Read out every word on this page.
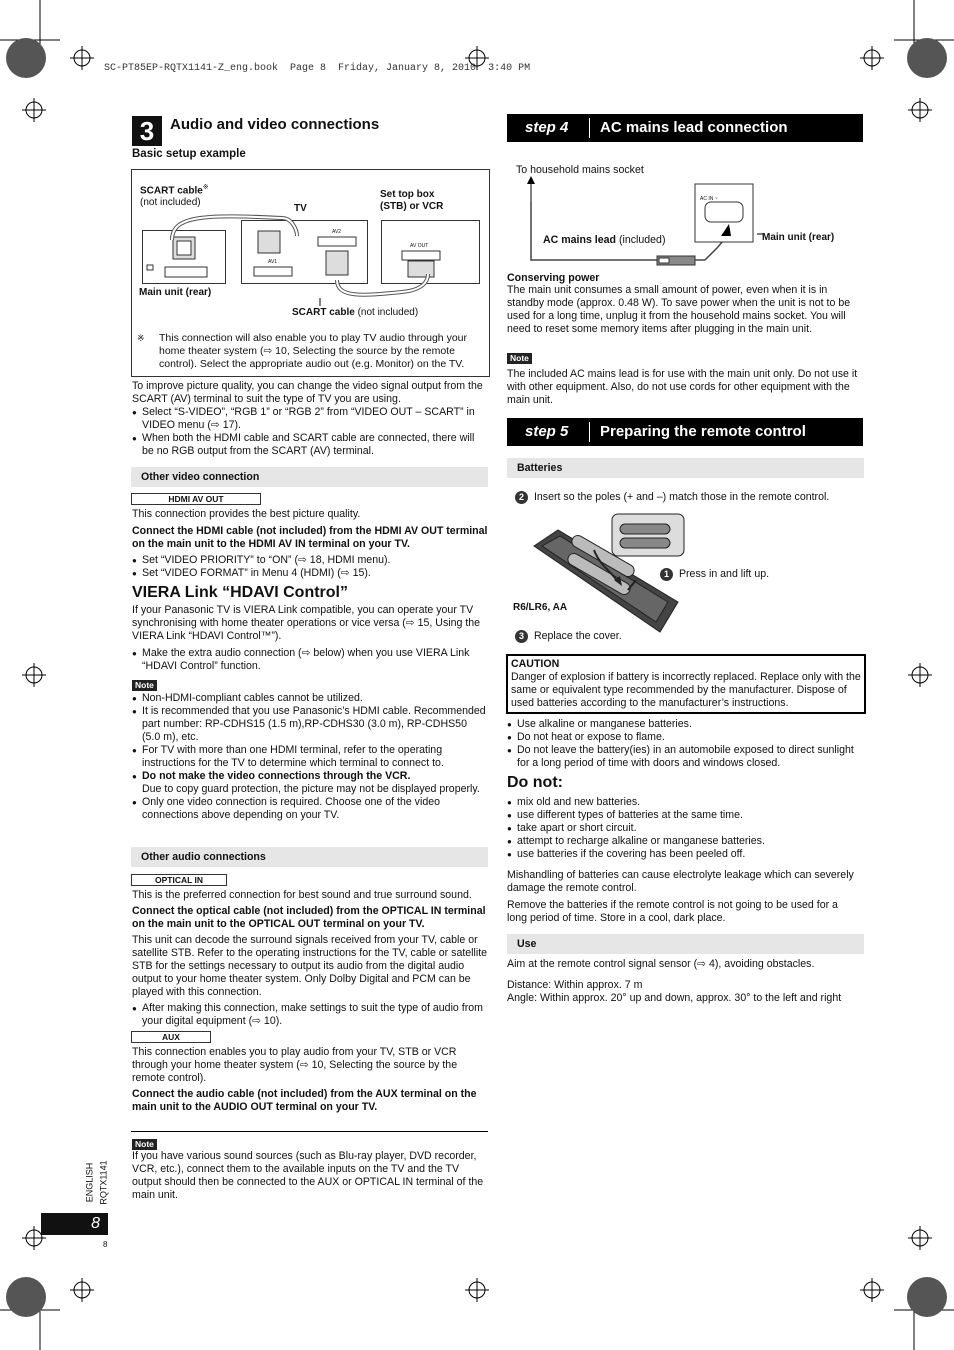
SC-PT85EP-RQTX1141-Z_eng.book  Page 8  Friday, January 8, 2010  3:40 PM
3	Audio and video connections
Basic setup example
SCART cable※
(not included)
TV
Set top box
(STB) or VCR
AV2
AV1
AV OUT
Main unit (rear)
SCART cable (not included)
※ This connection will also enable you to play TV audio through your home theater system (⇨ 10, Selecting the source by the remote control). Select the appropriate audio out (e.g. Monitor) on the TV.

To improve picture quality, you can change the video signal output from the SCART (AV) terminal to suit the type of TV you are using.

● Select “S-VIDEO”, “RGB 1” or “RGB 2” from “VIDEO OUT – SCART” in VIDEO menu (⇨ 17).
● When both the HDMI cable and SCART cable are connected, there will be no RGB output from the SCART (AV) terminal.
Other video connection
HDMI AV OUT

This connection provides the best picture quality.

Connect the HDMI cable (not included) from the HDMI AV OUT terminal on the main unit to the HDMI AV IN terminal on your TV.

● Set “VIDEO PRIORITY” to “ON” (⇨ 18, HDMI menu).
● Set “VIDEO FORMAT” in Menu 4 (HDMI) (⇨ 15).
VIERA Link “HDAVI Control”

If your Panasonic TV is VIERA Link compatible, you can operate your TV synchronising with home theater operations or vice versa (⇨ 15, Using the VIERA Link “HDAVI Control™”).

● Make the extra audio connection (⇨ below) when you use VIERA Link “HDAVI Control” function.
Note
● Non-HDMI-compliant cables cannot be utilized.
● It is recommended that you use Panasonic’s HDMI cable. Recommended part number: RP-CDHS15 (1.5 m),RP-CDHS30 (3.0 m), RP-CDHS50 (5.0 m), etc.
● For TV with more than one HDMI terminal, refer to the operating instructions for the TV to determine which terminal to connect to.
● Do not make the video connections through the VCR.
Due to copy guard protection, the picture may not be displayed properly.
● Only one video connection is required. Choose one of the video connections above depending on your TV.
Other audio connections
OPTICAL IN

This is the preferred connection for best sound and true surround sound.

Connect the optical cable (not included) from the OPTICAL IN terminal on the main unit to the OPTICAL OUT terminal on your TV.

This unit can decode the surround signals received from your TV, cable or satellite STB. Refer to the operating instructions for the TV, cable or satellite STB for the settings necessary to output its audio from the digital audio output to your home theater system. Only Dolby Digital and PCM can be played with this connection.

● After making this connection, make settings to suit the type of audio from your digital equipment (⇨ 10).
AUX

This connection enables you to play audio from your TV, STB or VCR through your home theater system (⇨ 10, Selecting the source by the remote control).

Connect the audio cable (not included) from the AUX terminal on the main unit to the AUDIO OUT terminal on your TV.

Note
If you have various sound sources (such as Blu-ray player, DVD recorder, VCR, etc.), connect them to the available inputs on the TV and the TV output should then be connected to the AUX or OPTICAL IN terminal of the main unit.
step 4 AC mains lead connection
To household mains socket
AC IN ~
AC mains lead (included)	Main unit (rear)
Conserving power
The main unit consumes a small amount of power, even when it is in standby mode (approx. 0.48 W). To save power when the unit is not to be used for a long time, unplug it from the household mains socket. You will need to reset some memory items after plugging in the main unit.
Note
The included AC mains lead is for use with the main unit only. Do not use it with other equipment. Also, do not use cords for other equipment with the main unit.
step 5 Preparing the remote control
Batteries
2 Insert so the poles (+ and –) match those in the remote control.
1 Press in and lift up.
R6/LR6, AA
3 Replace the cover.
CAUTION
Danger of explosion if battery is incorrectly replaced. Replace only with the same or equivalent type recommended by the manufacturer. Dispose of used batteries according to the manufacturer’s instructions.
● Use alkaline or manganese batteries.
● Do not heat or expose to flame.
● Do not leave the battery(ies) in an automobile exposed to direct sunlight for a long period of time with doors and windows closed.
Do not:
● mix old and new batteries.
● use different types of batteries at the same time.
● take apart or short circuit.
● attempt to recharge alkaline or manganese batteries.
● use batteries if the covering has been peeled off.

Mishandling of batteries can cause electrolyte leakage which can severely damage the remote control.

Remove the batteries if the remote control is not going to be used for a long period of time. Store in a cool, dark place.

Use
Aim at the remote control signal sensor (⇨ 4), avoiding obstacles.
Distance: Within approx. 7 m
Angle: Within approx. 20° up and down, approx. 30° to the left and right
ENGLISH RQTX1141
8
8
